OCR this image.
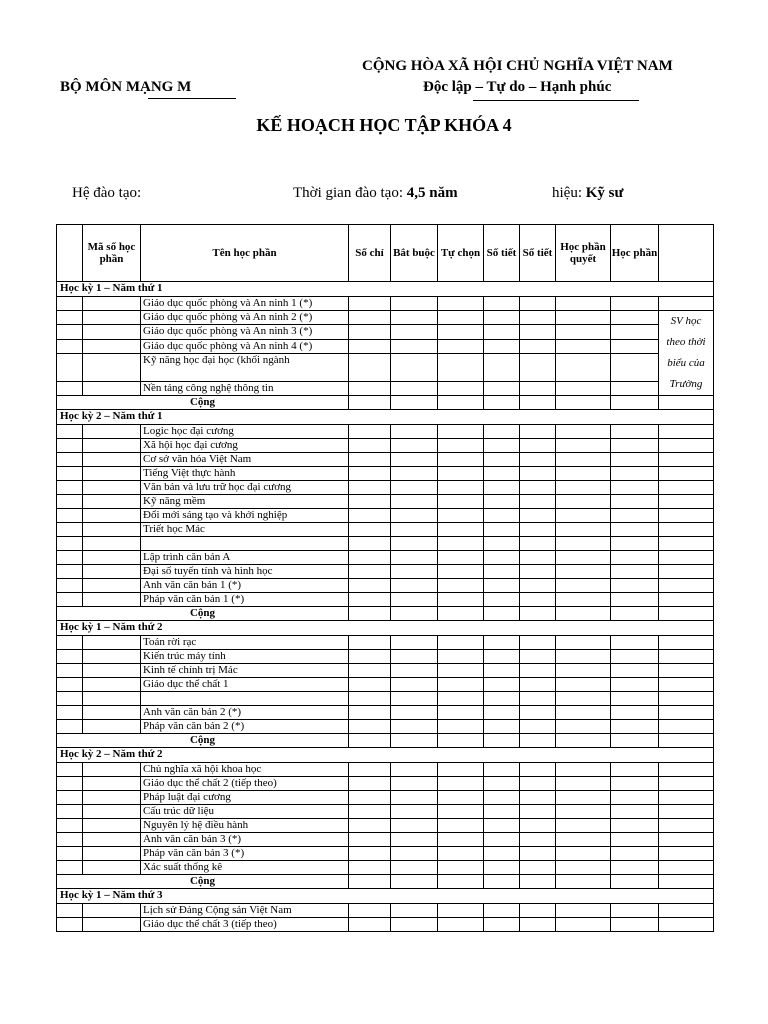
CỘNG HÒA XÃ HỘI CHỦ NGHĨA VIỆT NAM
Độc lập – Tự do – Hạnh phúc
BỘ MÔN MẠNG M
KẾ HOẠCH HỌC TẬP KHÓA 4
Hệ đào tạo:	Thời gian đào tạo: 4,5 năm	hiệu: Kỹ sư
	Mã số học phần	Tên học phần	Số chỉ	Bắt buộc	Tự chọn	Số tiết	Số tiết	Học phần quyết	Học phần	
Học kỳ 1 – Năm thứ 1										
		Giáo dục quốc phòng và An ninh 1 (*)								
		Giáo dục quốc phòng và An ninh 2 (*)								SV học theo thời biểu của Trường
		Giáo dục quốc phòng và An ninh 3 (*)								
		Giáo dục quốc phòng và An ninh 4 (*)								
		Kỹ năng học đại học (khối ngành								
		Nền tảng công nghệ thông tin								
Cộng										
Học kỳ 2 – Năm thứ 1										
		Logic học đại cương								
		Xã hội học đại cương								
		Cơ sở văn hóa Việt Nam								
		Tiếng Việt thực hành								
		Văn bản và lưu trữ học đại cương								
		Kỹ năng mềm								
		Đổi mới sáng tạo và khởi nghiệp								
		Triết học Mác								

		Lập trình căn bản A								
		Đại số tuyến tính và hình học								
		Anh văn căn bản 1 (*)								
		Pháp văn căn bản 1 (*)								
Cộng										
Học kỳ 1 – Năm thứ 2										
		Toán rời rạc								
		Kiến trúc máy tính								
		Kinh tế chính trị Mác								
		Giáo dục thể chất 1								

		Anh văn căn bản 2 (*)								
		Pháp văn căn bản 2 (*)								
Cộng										
Học kỳ 2 – Năm thứ 2										
		Chủ nghĩa xã hội khoa học								
		Giáo dục thể chất 2 (tiếp theo)								
		Pháp luật đại cương								
		Cấu trúc dữ liệu								
		Nguyên lý hệ điều hành								
		Anh văn căn bản 3 (*)								
		Pháp văn căn bản 3 (*)								
		Xác suất thống kê								
Cộng										
Học kỳ 1 – Năm thứ 3										
		Lịch sử Đảng Cộng sản Việt Nam								
		Giáo dục thể chất 3 (tiếp theo)								
